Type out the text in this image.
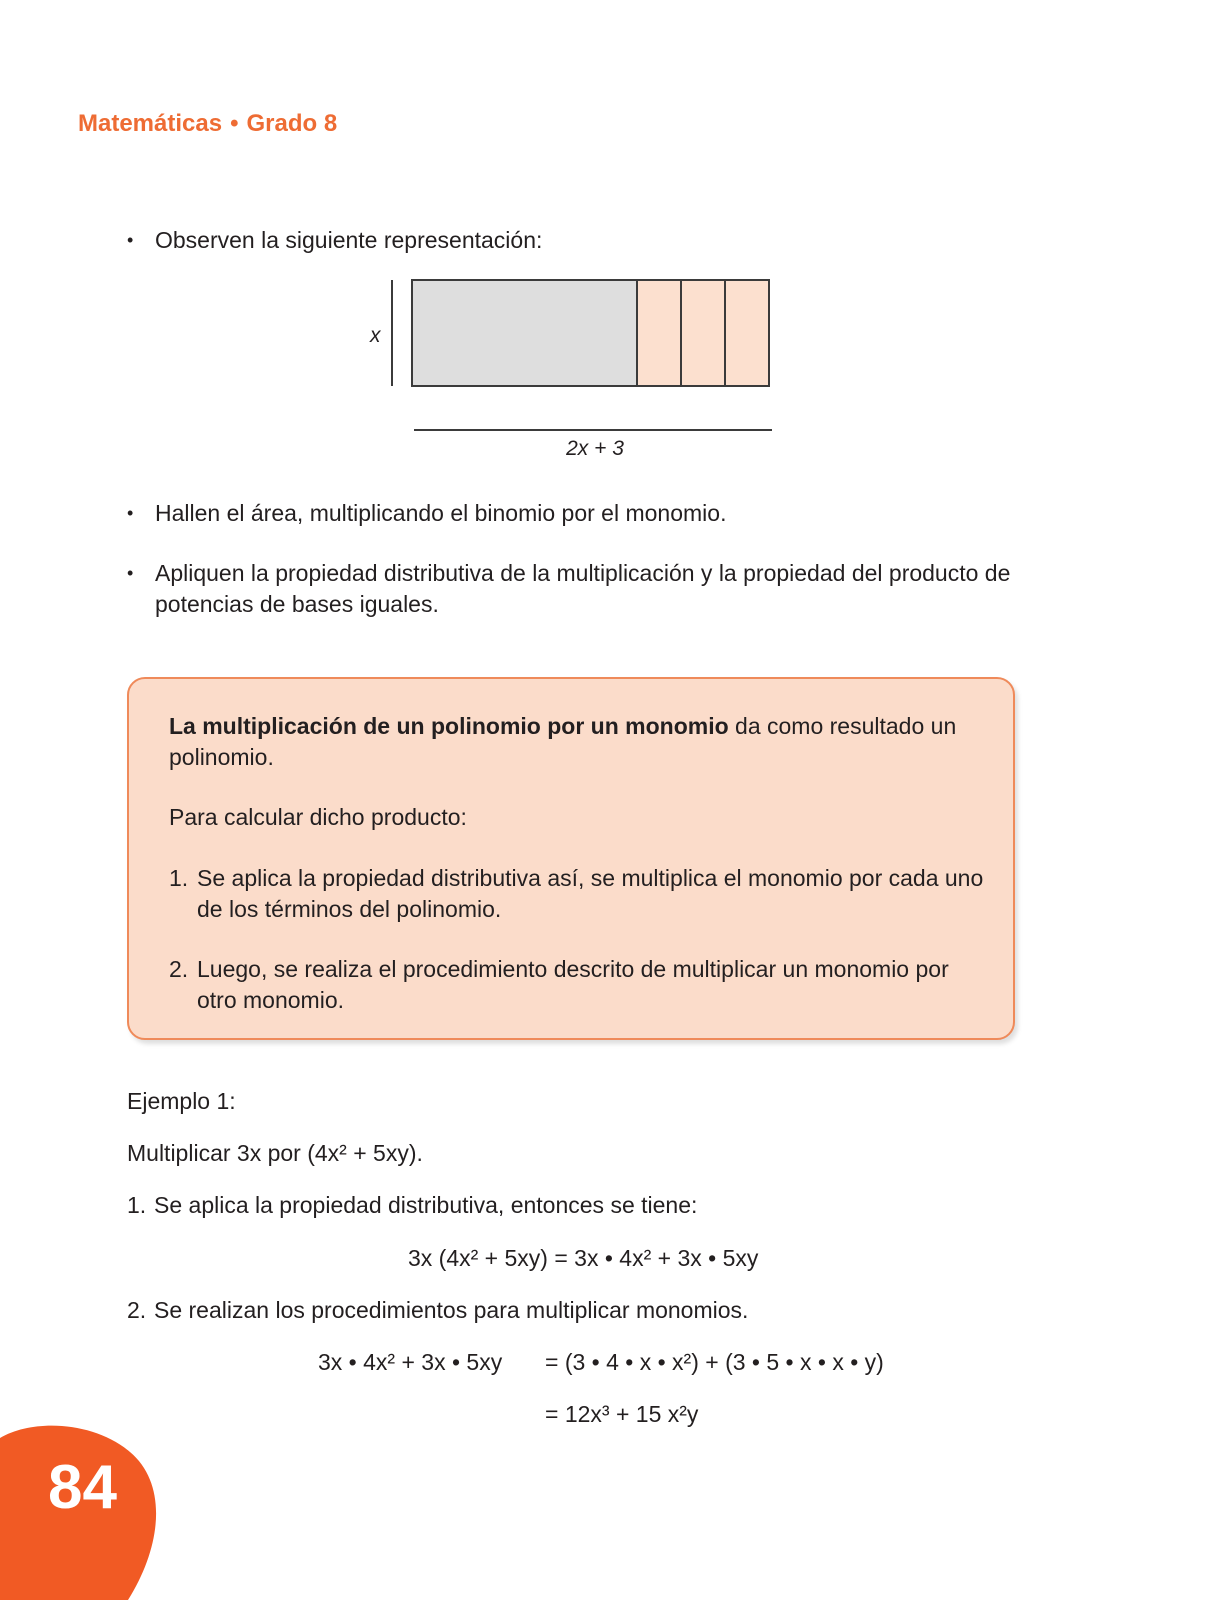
Matemáticas • Grado 8
• Observen la siguiente representación:
x
2x + 3
• Hallen el área, multiplicando el binomio por el monomio.
• Apliquen la propiedad distributiva de la multiplicación y la propiedad del producto de potencias de bases iguales.

La multiplicación de un polinomio por un monomio da como resultado un polinomio.

Para calcular dicho producto:

1. Se aplica la propiedad distributiva así, se multiplica el monomio por cada uno de los términos del polinomio.

2. Luego, se realiza el procedimiento descrito de multiplicar un monomio por otro monomio.

Ejemplo 1:
Multiplicar 3x por (4x² + 5xy).
1. Se aplica la propiedad distributiva, entonces se tiene:
3x (4x² + 5xy) = 3x • 4x² + 3x • 5xy
2. Se realizan los procedimientos para multiplicar monomios.
3x • 4x² + 3x • 5xy = (3 • 4 • x • x²) + (3 • 5 • x • x • y)
= 12x³ + 15 x²y
84
